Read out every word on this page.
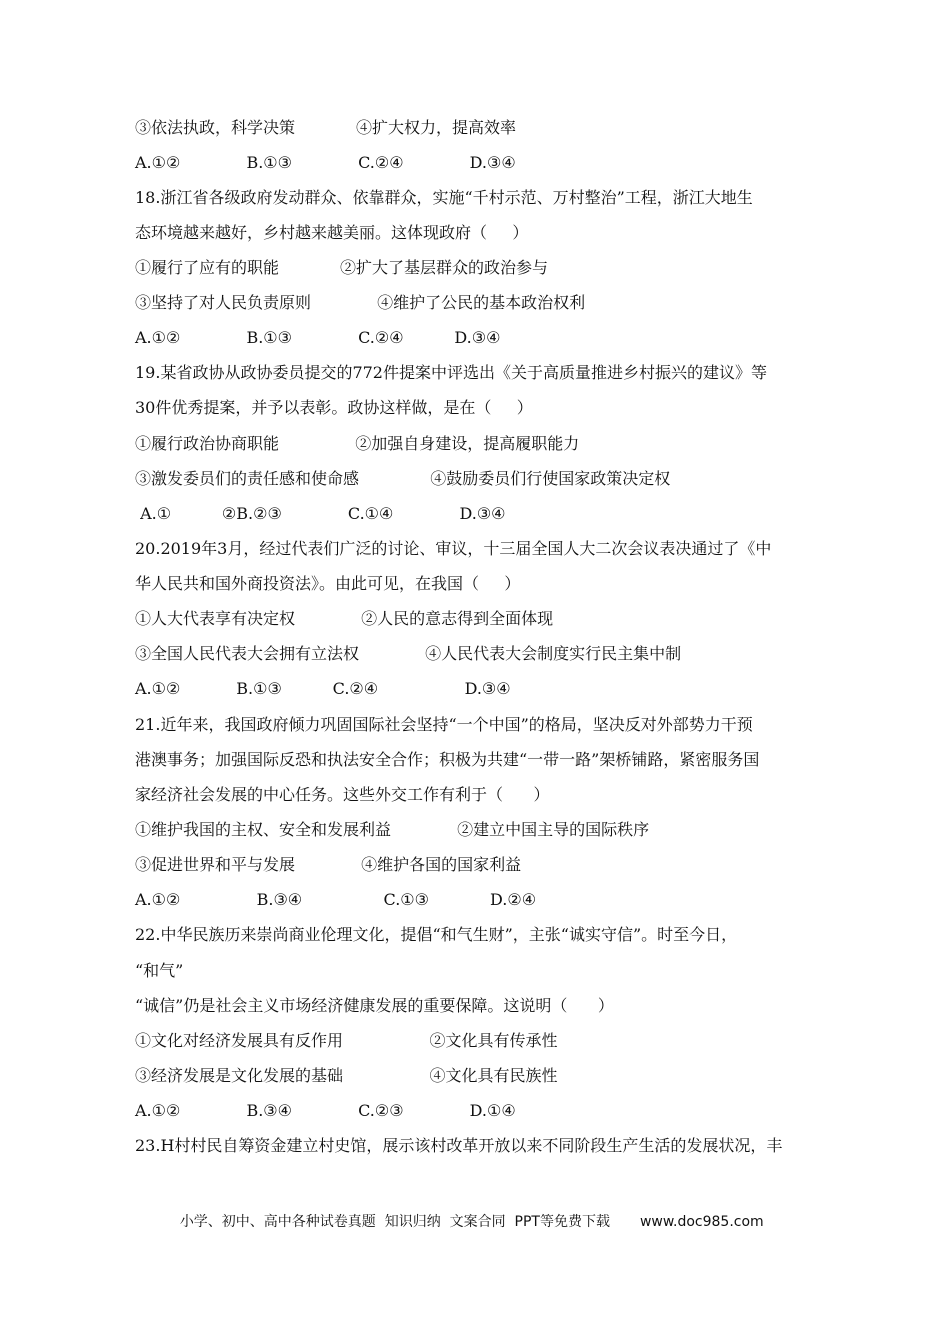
③依法执政，科学决策            ④扩大权力，提高效率
A.①②             B.①③             C.②④             D.③④
18.浙江省各级政府发动群众、依靠群众，实施“千村示范、万村整治”工程，浙江大地生
态环境越来越好，乡村越来越美丽。这体现政府（     ）
①履行了应有的职能            ②扩大了基层群众的政治参与
③坚持了对人民负责原则             ④维护了公民的基本政治权利
A.①②             B.①③             C.②④          D.③④
19.某省政协从政协委员提交的772件提案中评选出《关于高质量推进乡村振兴的建议》等
30件优秀提案，并予以表彰。政协这样做，是在（     ）
①履行政治协商职能               ②加强自身建设，提高履职能力
③激发委员们的责任感和使命感              ④鼓励委员们行使国家政策决定权
A.①          ②B.②③             C.①④             D.③④
20.2019年3月，经过代表们广泛的讨论、审议，十三届全国人大二次会议表决通过了《中
华人民共和国外商投资法》。由此可见，在我国（     ）
①人大代表享有决定权             ②人民的意志得到全面体现
③全国人民代表大会拥有立法权             ④人民代表大会制度实行民主集中制
A.①②           B.①③          C.②④                 D.③④
21.近年来，我国政府倾力巩固国际社会坚持“一个中国”的格局，坚决反对外部势力干预
港澳事务；加强国际反恐和执法安全合作；积极为共建“一带一路”架桥铺路，紧密服务国
家经济社会发展的中心任务。这些外交工作有利于（      ）
①维护我国的主权、安全和发展利益             ②建立中国主导的国际秩序
③促进世界和平与发展             ④维护各国的国家利益
A.①②               B.③④                C.①③            D.②④
22.中华民族历来崇尚商业伦理文化，提倡“和气生财”，主张“诚实守信”。时至今日，
“和气”
“诚信”仍是社会主义市场经济健康发展的重要保障。这说明（      ）
①文化对经济发展具有反作用                 ②文化具有传承性
③经济发展是文化发展的基础                 ④文化具有民族性
A.①②             B.③④             C.②③             D.①④
23.H村村民自筹资金建立村史馆，展示该村改革开放以来不同阶段生产生活的发展状况，丰

小学、初中、高中各种试卷真题  知识归纳  文案合同  PPT等免费下载 www.doc985.com
